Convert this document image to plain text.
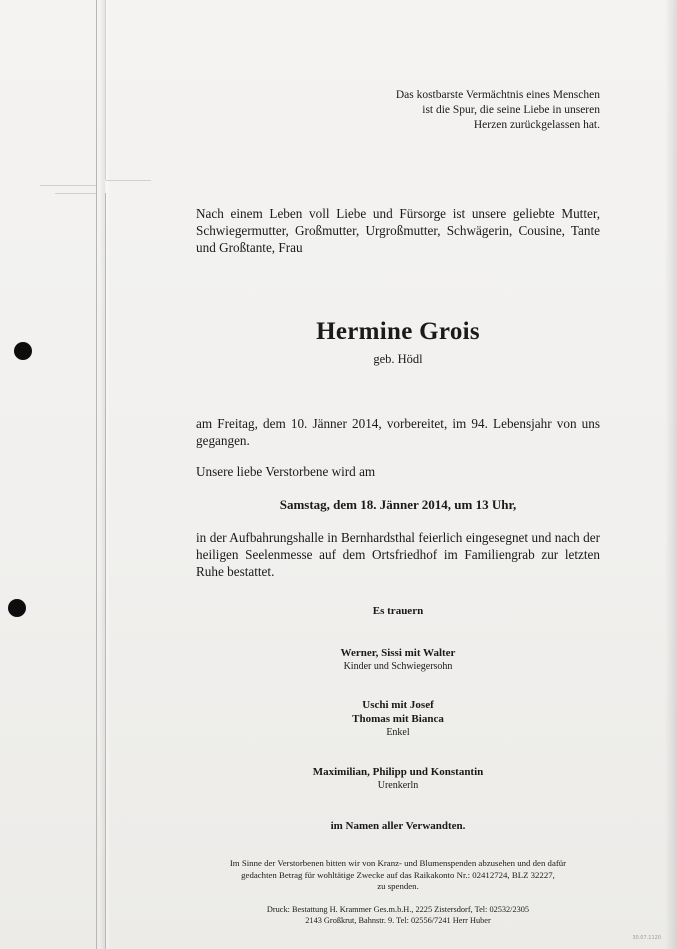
Das kostbarste Vermächtnis eines Menschen
ist die Spur, die seine Liebe in unseren
Herzen zurückgelassen hat.
Nach einem Leben voll Liebe und Fürsorge ist unsere geliebte Mutter, Schwiegermutter, Großmutter, Urgroßmutter, Schwägerin, Cousine, Tante und Großtante, Frau
Hermine Grois
geb. Hödl
am Freitag, dem 10. Jänner 2014, vorbereitet, im 94. Lebensjahr von uns gegangen.
Unsere liebe Verstorbene wird am
Samstag, dem 18. Jänner 2014, um 13 Uhr,
in der Aufbahrungshalle in Bernhardsthal feierlich eingesegnet und nach der heiligen Seelenmesse auf dem Ortsfriedhof im Familiengrab zur letzten Ruhe bestattet.
Es trauern
Werner, Sissi mit Walter
Kinder und Schwiegersohn
Uschi mit Josef
Thomas mit Bianca
Enkel
Maximilian, Philipp und Konstantin
Urenkerln
im Namen aller Verwandten.
Im Sinne der Verstorbenen bitten wir von Kranz- und Blumenspenden abzusehen und den dafür
gedachten Betrag für wohltätige Zwecke auf das Raikakonto Nr.: 02412724, BLZ 32227,
zu spenden.
Druck: Bestattung H. Krammer Ges.m.b.H., 2225 Zistersdorf, Tel: 02532/2305
2143 Großkrut, Bahnstr. 9. Tel: 02556/7241 Herr Huber
30.07.1120
